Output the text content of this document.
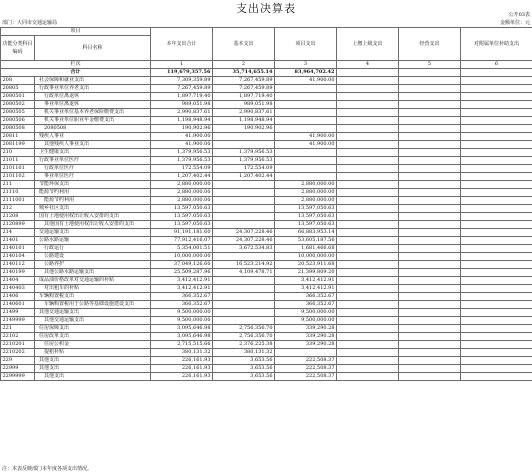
支出决算表	公开03表
部门：大同市交通运输局	金额单位：元
项目		本年支出合计	基本支出	项目支出	上缴上级支出	经营支出	对附属单位补助支出
功能分类科目编码	科目名称						
栏次		1	2	3	4	5	6
合计		119,679,357.56	35,714,655.14	83,964,702.42			
208	社会保障和就业支出	7,309,359.89	7,267,459.89	41,900.00			
20805	行政事业单位养老支出	7,267,459.89	7,267,459.89				
2080501	行政单位离退休	1,897,719.40	1,897,719.40				
2080502	事业单位离退休	989,051.98	989,051.98				
2080505	机关事业单位基本养老保险缴费支出	2,990,837.61	2,990,837.61				
2080506	机关事业单位职业年金缴费支出	1,198,948.94	1,198,948.94				
2080508	2080508	190,902.96	190,902.96				
20811	残疾人事业	41,900.00		41,900.00			
2081199	其他残疾人事业支出	41,900.00		41,900.00			
210	卫生健康支出	1,379,956.53	1,379,956.53				
21011	行政事业单位医疗	1,379,956.53	1,379,956.53				
2101101	行政单位医疗	172,554.09	172,554.09				
2101102	事业单位医疗	1,207,402.44	1,207,402.44				
211	节能环保支出	2,880,000.00		2,880,000.00			
21110	能源节约利用	2,880,000.00		2,880,000.00			
2111001	能源节约利用	2,880,000.00		2,880,000.00			
212	城乡社区支出	13,597,050.63		13,597,050.63			
21208	国有土地使用权出让收入安排的支出	13,597,050.63		13,597,050.63			
2120899	其他国有土地使用权出让收入安排的支出	13,597,050.63		13,597,050.63			
214	交通运输支出	91,191,181.60	24,307,228.46	66,883,953.14			
21401	公路水路运输	77,912,416.07	24,307,228.46	53,605,187.56			
2140101	行政运行	5,354,001.51	3,672,534.83	1,681,466.68			
2140104	公路建设	10,000,000.00		10,000,000.00			
2140112	公路养护	37,049,126.60	16,523,214.92	20,523,911.68			
2140199	其他公路水路运输支出	25,509,287.96	4,109,478.71	21,399,809.20			
21404	成品油价格改革对交通运输的补贴	3,412,412.91		3,412,412.91			
2140403	对出租车的补贴	3,412,412.91		3,412,412.91			
21406	车辆购置税支出	366,352.67		366,352.67			
2140601	车辆购置税用于公路等基础设施建设支出	366,352.67		366,352.67			
21499	其他交通运输支出	9,500,000.00		9,500,000.00			
2149999	其他交通运输支出	9,500,000.00		9,500,000.00			
221	住房保障支出	3,095,646.98	2,756,356.70	339,290.28			
22102	住房改革支出	3,095,646.98	2,756,356.70	339,290.28			
2210201	住房公积金	2,715,515.66	2,376,225.38	339,290.28			
2210202	提租补贴	380,131.32	380,131.32				
229	其他支出	226,161.93	3,653.56	222,508.37			
22999	其他支出	226,161.93	3,653.56	222,508.37			
2299999	其他支出	226,161.93	3,653.56	222,508.37			
注：本表反映部门本年度各项支出情况。
